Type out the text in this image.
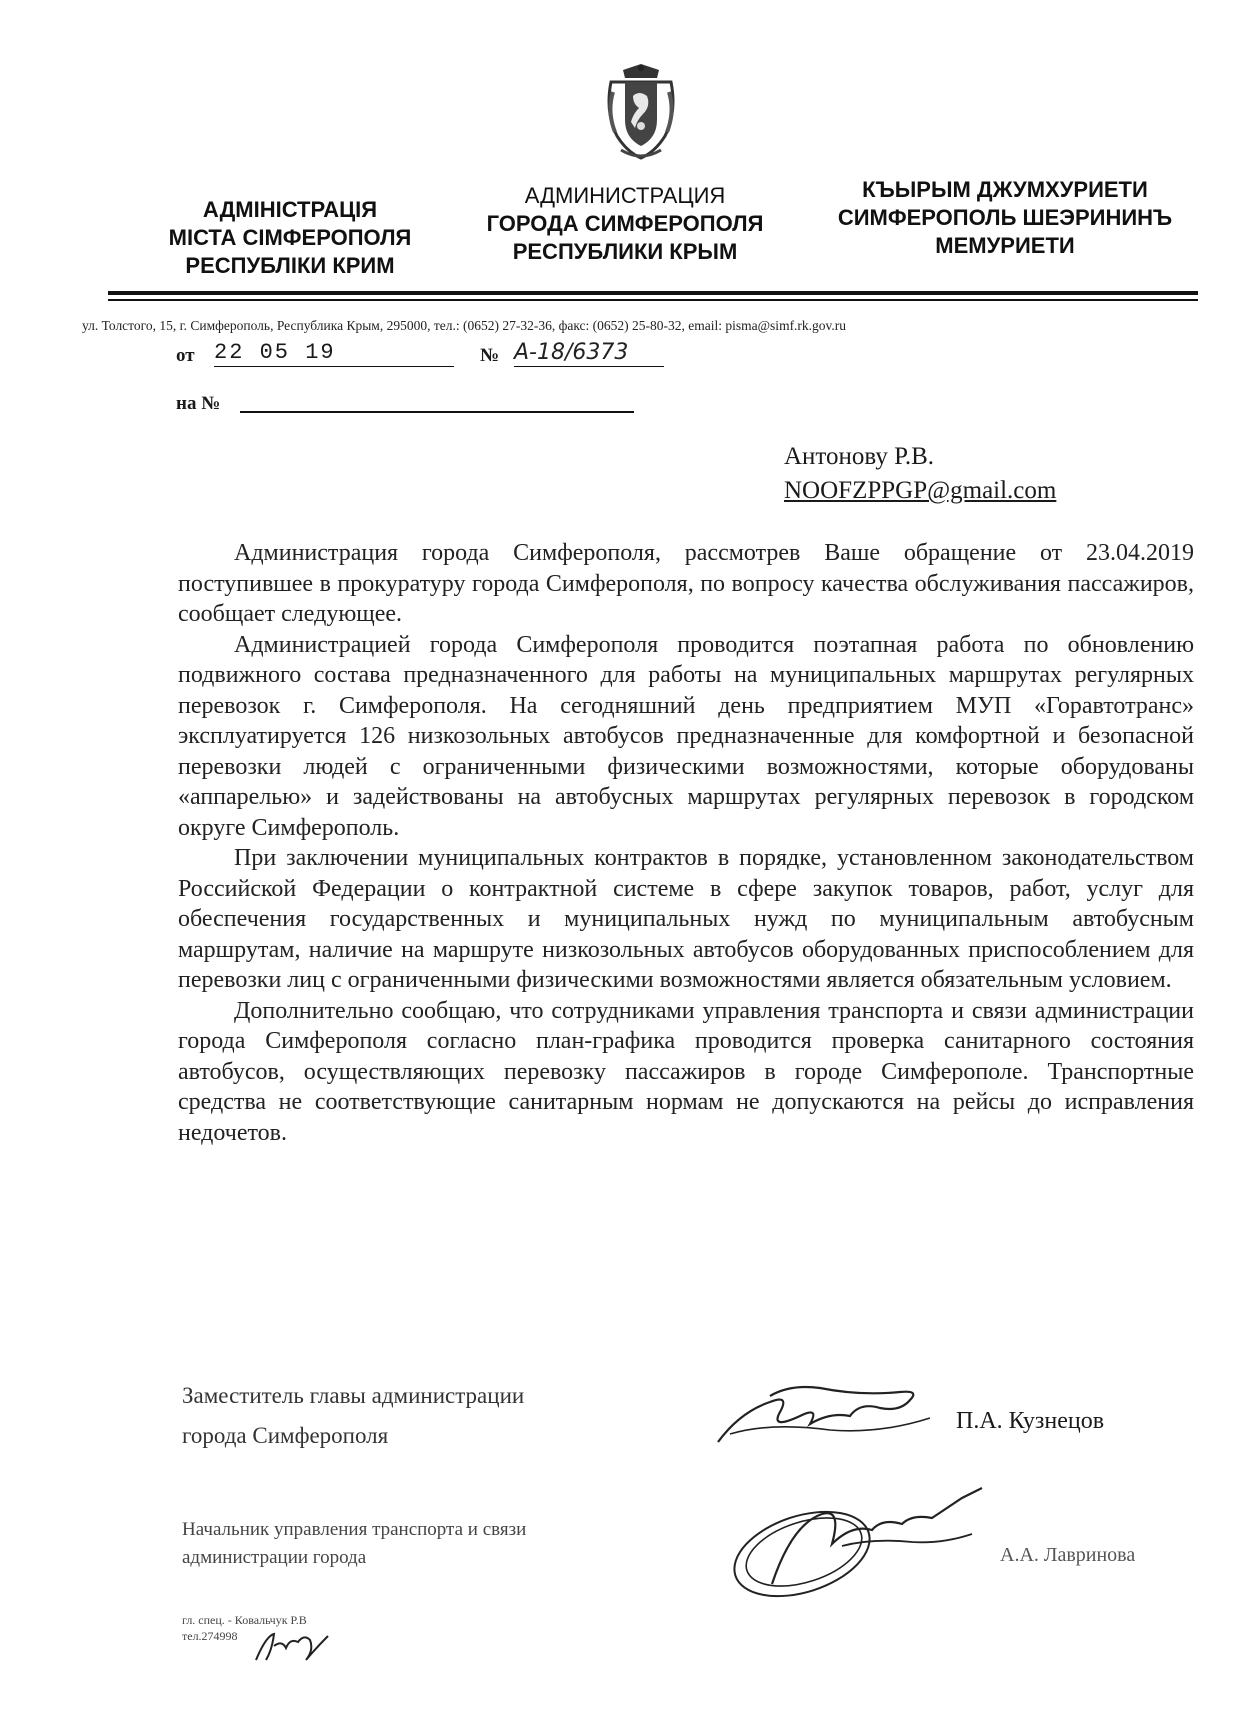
АДМІНІСТРАЦІЯ
МІСТА СІМФЕРОПОЛЯ
РЕСПУБЛІКИ КРИМ
АДМИНИСТРАЦИЯ
ГОРОДА СИМФЕРОПОЛЯ
РЕСПУБЛИКИ КРЫМ
КЪЫРЫМ ДЖУМХУРИЕТИ
СИМФЕРОПОЛЬ ШЕЭРИНИНЪ
МЕМУРИЕТИ
ул. Толстого, 15, г. Симферополь, Республика Крым, 295000, тел.: (0652) 27-32-36, факс: (0652) 25-80-32, email: pisma@simf.rk.gov.ru
от 22 05 19	№ А-18/6373
на №
Антонову Р.В.
NOOFZPPGP@gmail.com

Администрация города Симферополя, рассмотрев Ваше обращение от 23.04.2019 поступившее в прокуратуру города Симферополя, по вопросу качества обслуживания пассажиров, сообщает следующее.

Администрацией города Симферополя проводится поэтапная работа по обновлению подвижного состава предназначенного для работы на муниципальных маршрутах регулярных перевозок г. Симферополя. На сегодняшний день предприятием МУП «Горавтотранс» эксплуатируется 126 низкозольных автобусов предназначенные для комфортной и безопасной перевозки людей с ограниченными физическими возможностями, которые оборудованы «аппарелью» и задействованы на автобусных маршрутах регулярных перевозок в городском округе Симферополь.

При заключении муниципальных контрактов в порядке, установленном законодательством Российской Федерации о контрактной системе в сфере закупок товаров, работ, услуг для обеспечения государственных и муниципальных нужд по муниципальным автобусным маршрутам, наличие на маршруте низкозольных автобусов оборудованных приспособлением для перевозки лиц с ограниченными физическими возможностями является обязательным условием.

Дополнительно сообщаю, что сотрудниками управления транспорта и связи администрации города Симферополя согласно план-графика проводится проверка санитарного состояния автобусов, осуществляющих перевозку пассажиров в городе Симферополе. Транспортные средства не соответствующие санитарным нормам не допускаются на рейсы до исправления недочетов.

Заместитель главы администрации
города Симферополя
П.А. Кузнецов
Начальник управления транспорта и связи
администрации города	А.А. Лавринова
гл. спец. - Ковальчук Р.В
тел.274998
